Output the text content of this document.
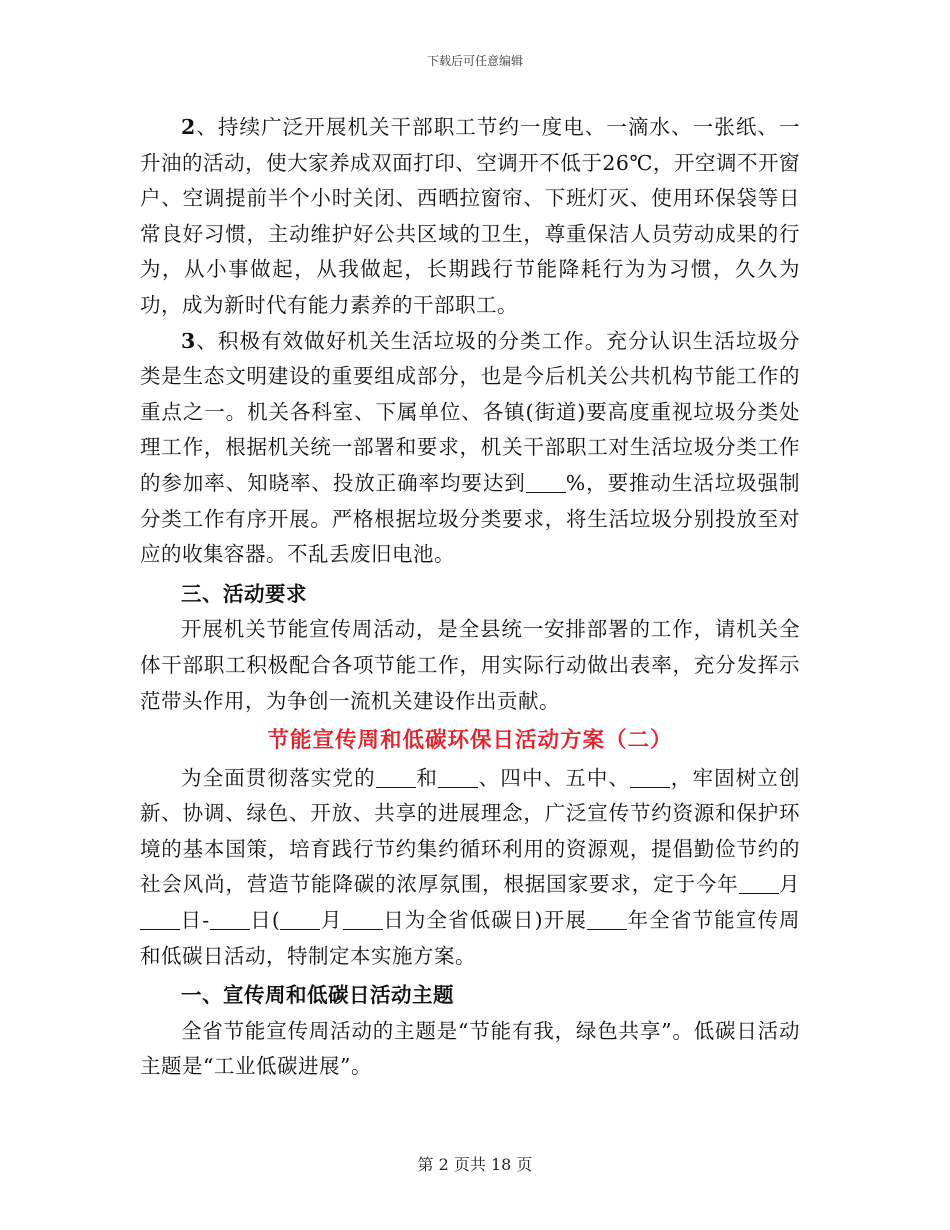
下载后可任意编辑

2、持续广泛开展机关干部职工节约一度电、一滴水、一张纸、一升油的活动，使大家养成双面打印、空调开不低于26℃，开空调不开窗户、空调提前半个小时关闭、西晒拉窗帘、下班灯灭、使用环保袋等日常良好习惯，主动维护好公共区域的卫生，尊重保洁人员劳动成果的行为，从小事做起，从我做起，长期践行节能降耗行为为习惯，久久为功，成为新时代有能力素养的干部职工。

3、积极有效做好机关生活垃圾的分类工作。充分认识生活垃圾分类是生态文明建设的重要组成部分，也是今后机关公共机构节能工作的重点之一。机关各科室、下属单位、各镇(街道)要高度重视垃圾分类处理工作，根据机关统一部署和要求，机关干部职工对生活垃圾分类工作的参加率、知晓率、投放正确率均要达到 %，要推动生活垃圾强制分类工作有序开展。严格根据垃圾分类要求，将生活垃圾分别投放至对应的收集容器。不乱丢废旧电池。

三、活动要求

开展机关节能宣传周活动，是全县统一安排部署的工作，请机关全体干部职工积极配合各项节能工作，用实际行动做出表率，充分发挥示范带头作用，为争创一流机关建设作出贡献。

节能宣传周和低碳环保日活动方案（二）

为全面贯彻落实党的 和 、四中、五中、 ，牢固树立创新、协调、绿色、开放、共享的进展理念，广泛宣传节约资源和保护环境的基本国策，培育践行节约集约循环利用的资源观，提倡勤俭节约的社会风尚，营造节能降碳的浓厚氛围，根据国家要求，定于今年 月日- 日( 月 日为全省低碳日)开展 年全省节能宣传周和低碳日活动，特制定本实施方案。

一、宣传周和低碳日活动主题

全省节能宣传周活动的主题是“节能有我，绿色共享”。低碳日活动主题是“工业低碳进展”。

第 2 页共 18 页
